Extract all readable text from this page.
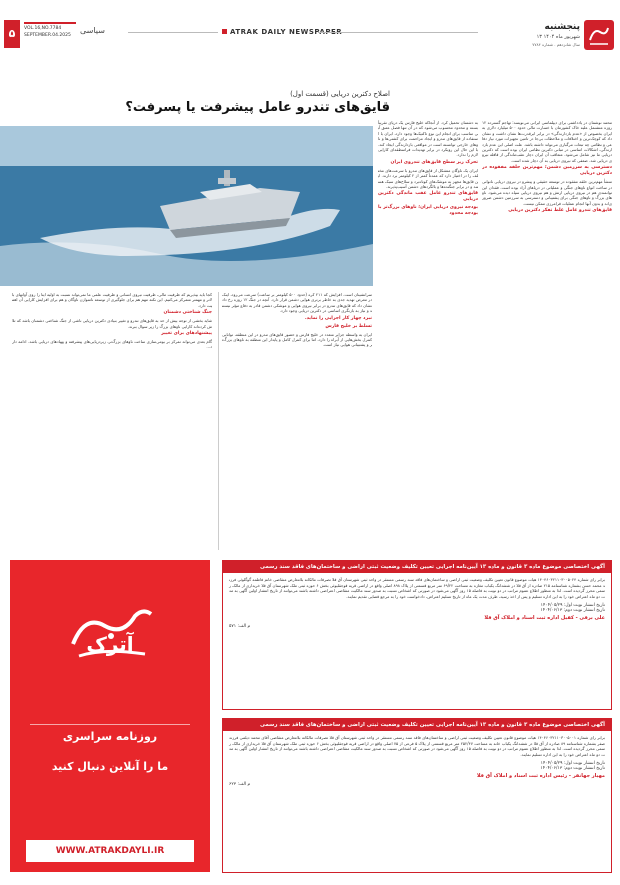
۵	VOL.16,NO.7784
SEPTEMBER.04.2025
سیاسی	ATRAK DAILY NEWSPAPER	پنجشنبه
۱۳ شهریور ماه ۱۴۰۴
سال شانزدهم . شماره ۷۷۸۴
اصلاح دکترین دریایی (قسمت اول)
قایق‌های تندرو عامل پیشرفت یا پسرفت؟
محمد نوشمان در یادداشتی برای دیپلماسی ایرانی می‌نویسد: تهاجم گسترده ۱۲ روزه متشنمل علیه خاک کشورمان با خسارت مالی حدود ۵۰۰ میلیارد دلاری به ایران بخصوص از «عدم بازدارندگی» در برابر ابرقدرت‌ها نشان داشت و نشان داد که کوچک‌ترین و اختلافات و ملاحظات بی‌جا در تامین تجهیزات مورد نیاز دفاعی و نظامی چه تبعات مرگباری می‌تواند داشته باشد. علت اصلی این عدم بازدارندگی، اشکالات اساسی در مبانی دکترین نظامی ایران بوده است که دکترین دریایی ما نیز شامل می‌شود. متعاقب آن ایران دچار عقب‌ماندگی از قافله نیروی دریایی شد. ضعفی که نیروی دریایی به آن دچار شده است.
دسترسی به سرزمین دشمن؛ مهم‌ترین حلقه مفقوده در دکترین دریایی
منشأ مهم‌ترین حلقه مفقوده در توسعه حقیقی و پیشرو در نیروی دریایی ناتوانی در ساخت انواع ناوهای جنگی و عملیاتی در دریاهای آزاد بوده است. فقدان این توانمندی هم در نیروی دریایی ارتش و هم نیروی دریایی سپاه دیده می‌شود. ناوهای بزرگ و ناوهای جنگی برای پشتیبانی و دسترسی به سرزمین دشمن ضروری‌اند و بدون آنها انجام عملیات فرامرزی ممکن نیست.
قایق‌های تندرو عامل غلط تفکر دکترین دریایی
به دشمنان تحمیل کرد. از آنجاکه خلیج فارس یک دریای تقریباً بسته و محدود محسوب می‌شود که در آن تنها فصل عمق آبی مناسب برای انجام این نوع تاکتیک‌ها وجود دارد، ایران با استفاده از قایق‌های تندرو و ایجاد مزاحمت برای کشتی‌ها و ناوهای خارجی توانسته است در مواقعی بازدارندگی ایجاد کند. با این حال این رویکرد در برابر تهدیدات فرامنطقه‌ای کارایی لازم را ندارد.
تحرک زیر سطح قایق‌های تندروی ایران
ایران یک ناوگان متشکل از قایق‌های تندرو با سرعت‌های مختلف را در اختیار دارد که عمدتاً کمتر از ۲ کیلومتر برد دارند. این قایق‌ها مجهز به موشک‌های کوتاه‌برد و سلاح‌های سبک هستند و در برابر جنگنده‌ها و بالگردهای دشمن آسیب‌پذیرند.
قایق‌های تندرو عامل عقب ماندگی دکترین دریایی
بودجه نیروی دریایی ایران؛ ناوهای بزرگ‌تر با بودجه محدود
سرانشینان است. افزایش که ۲۱۱ کره (حدود ۵۰۰ کیلومتر بر ساعت) سرعت می‌رود، اینک در معرض تهدید جدی به خاطر برتری هوایی دشمن قرار دارد. آنچه در جنگ ۱۲ روزه رخ داد نشان داد که قایق‌های تندرو در برابر نیروی هوایی و موشکی دشمن قادر به دفاع مؤثر نیستند و نیاز به بازنگری اساسی در دکترین دریایی وجود دارد.
نبرد چهار کار اجرایی را نماید.
تسلط بر خلیج فارس
ایران به واسطه جزایر متعدد در خلیج فارس و حضور قایق‌های تندرو در این منطقه، توانایی کنترل بخش‌هایی از آبراه را دارد، اما برای کنترل کامل و پایدار این منطقه به ناوهای بزرگ‌تر و پشتیبانی هوایی نیاز است.
کجا باید بپذیریم که ظرفیت مالی، ظرفیت نیروی انسانی و ظرفیت علمی ما نمی‌تواند نسبت به اولیه ایتا را روی آوانهای بالاتر و مهمتر متمرکز می‌کنیم. این نکته مهم هم برای جلوگیری از توسعه نامتوازن ناوگان و هم برای افزایش کارایی آن اهمیت دارد.
جنگ شناختی دشمنان
شاید بخشی از توجه بیش از حد به قایق‌های تندرو و تغییر بنیادی دکترین دریایی ناشی از جنگ شناختی دشمنان باشد که تلاش کرده‌اند کارایی ناوهای بزرگ را زیر سوال ببرند.
پیشنهادهای برای تغییر
گام بعدی می‌تواند تمرکز بر بومی‌سازی ساخت ناوهای بزرگ‌تر، زیردریایی‌های پیشرفته و پهپادهای دریایی باشد. ادامه دارد...
آترک
روزنامه سراسری
ما را آنلاین دنبال کنید
WWW.ATRAKDAYLI.IR
آگهی اختصاصی موضوع ماده ۳ قانون و ماده ۱۳ آیین‌نامه اجرایی تعیین تکلیف وضعیت ثبتی اراضی و ساختمان‌های فاقد سند رسمی
برابر رای شماره ۱۴۰۴۶۰۳۲۱۱۰۳۰۰۵۰۲۴ هیات موضوع قانون تعیین تکلیف وضعیت ثبتی اراضی و ساختمان‌های فاقد سند رسمی مستقر در واحد ثبتی شهرستان آق قلا تصرفات مالکانه بلامعارض متقاضی خانم فاطمه گوگلوئی فرزند محمد حسن بشماره شناسنامه ۲۱۵ صادره از آق قلا در ششدانگ یکباب مغازه به مساحت ۶۹/۲۲ متر مربع قسمتی از پلاک ۸۹۸ اصلی واقع در اراضی قریه قوجقلیوئی بخش ۶ حوزه ثبتی ملک شهرستان آق قلا خریداری از مالک رسمی محرز گردیده است. لذا به منظور اطلاع عموم مراتب در دو نوبت به فاصله ۱۵ روز آگهی می‌شود در صورتی که اشخاص نسبت به صدور سند مالکیت متقاضی اعتراضی داشته باشند می‌توانند از تاریخ انتشار اولین آگهی به مدت دو ماه اعتراض خود را به این اداره تسلیم و پس از اخذ رسید، ظرف مدت یک ماه از تاریخ تسلیم اعتراض، دادخواست خود را به مرجع قضایی تقدیم نمایند.
تاریخ انتشار نوبت اول: ۱۴۰۴/۰۵/۲۹
تاریخ انتشار نوبت دوم: ۱۴۰۴/۰۶/۱۳
علی برقی - کفیل اداره ثبت اسناد و املاک آق قلا
م الف: ۵۷۱
آگهی اختصاصی موضوع ماده ۳ قانون و ماده ۱۳ آیین‌نامه اجرایی تعیین تکلیف وضعیت ثبتی اراضی و ساختمان‌های فاقد سند رسمی
برابر رای شماره ۱۴۰۴۶۰۳۲۱۱۰۳۰۰۵۰۰۱ هیات موضوع قانون تعیین تکلیف وضعیت ثبتی اراضی و ساختمان‌های فاقد سند رسمی مستقر در واحد ثبتی شهرستان آق قلا تصرفات مالکانه بلامعارض متقاضی آقای محمد دیلمی فرزند صفر بشماره شناسنامه ۸۹ صادره از آق قلا در ششدانگ یکباب خانه به مساحت ۲۵۲/۴۷ متر مربع قسمتی از پلاک ۵ فرعی از ۷۵ اصلی واقع در اراضی قریه قوجقلیوئی بخش ۶ حوزه ثبتی ملک شهرستان آق قلا خریداری از مالک رسمی محرز گردیده است. لذا به منظور اطلاع عموم مراتب در دو نوبت به فاصله ۱۵ روز آگهی می‌شود در صورتی که اشخاص نسبت به صدور سند مالکیت متقاضی اعتراضی داشته باشند می‌توانند از تاریخ انتشار اولین آگهی به مدت دو ماه اعتراض خود را به این اداره تسلیم نمایند.
تاریخ انتشار نوبت اول: ۱۴۰۴/۰۵/۲۹
تاریخ انتشار نوبت دوم: ۱۴۰۴/۰۶/۱۳
مهیار جهانفر - رئیس اداره ثبت اسناد و املاک آق قلا
م الف: ۶۲۳
